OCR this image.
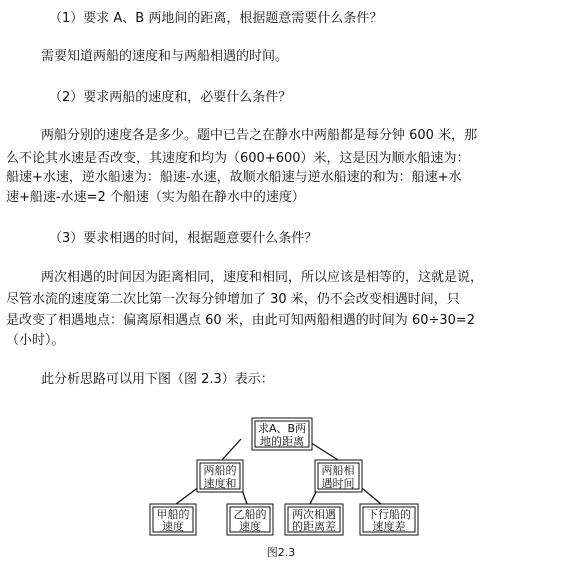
（1）要求 A、B 两地间的距离，根据题意需要什么条件？
需要知道两船的速度和与两船相遇的时间。
（2）要求两船的速度和，必要什么条件？
两船分别的速度各是多少。题中已告之在静水中两船都是每分钟 600 米，那
么不论其水速是否改变，其速度和均为（600+600）米，这是因为顺水船速为：
船速+水速，逆水船速为：船速-水速，故顺水船速与逆水船速的和为：船速+水
速+船速-水速=2 个船速（实为船在静水中的速度）
（3）要求相遇的时间，根据题意要什么条件？
两次相遇的时间因为距离相同，速度和相同，所以应该是相等的，这就是说，
尽管水流的速度第二次比第一次每分钟增加了 30 米，仍不会改变相遇时间，只
是改变了相遇地点：偏离原相遇点 60 米，由此可知两船相遇的时间为 60÷30=2
（小时）。
此分析思路可以用下图（图 2.3）表示：
求A、B两
地的距离
两船的
速度和
两船相
遇时间
甲船的
速度
乙船的
速度
两次相遇
的距离差
下行船的
速度差
图2.3
